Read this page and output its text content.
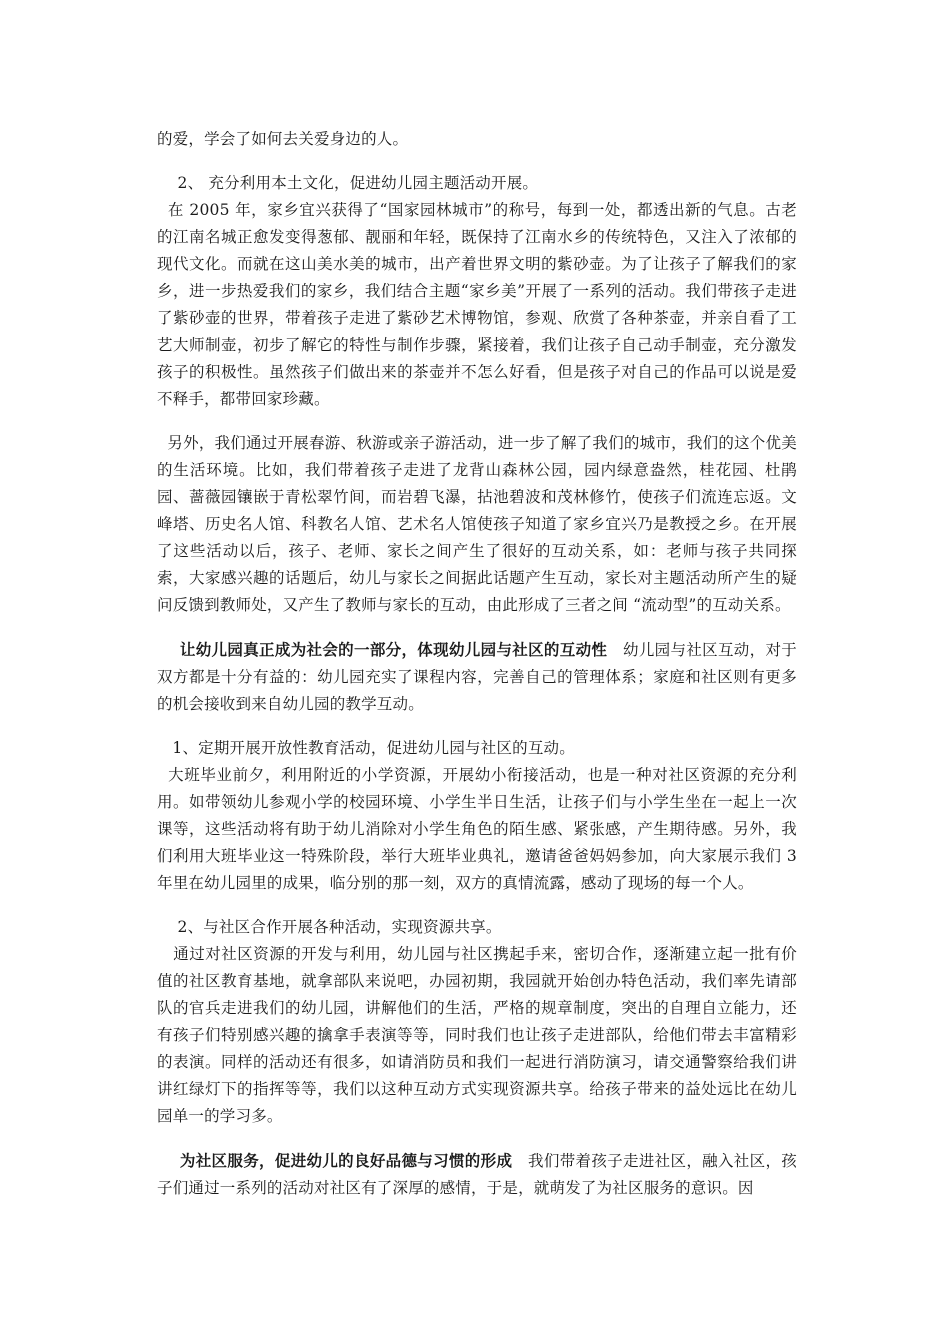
的爱，学会了如何去关爱身边的人。

2、 充分利用本土文化，促进幼儿园主题活动开展。

在 2005 年，家乡宜兴获得了“国家园林城市”的称号，每到一处，都透出新的气息。古老的江南名城正愈发变得葱郁、靓丽和年轻，既保持了江南水乡的传统特色，又注入了浓郁的现代文化。而就在这山美水美的城市，出产着世界文明的紫砂壶。为了让孩子了解我们的家乡，进一步热爱我们的家乡，我们结合主题“家乡美”开展了一系列的活动。我们带孩子走进了紫砂壶的世界，带着孩子走进了紫砂艺术博物馆，参观、欣赏了各种茶壶，并亲自看了工艺大师制壶，初步了解它的特性与制作步骤，紧接着，我们让孩子自己动手制壶，充分激发孩子的积极性。虽然孩子们做出来的茶壶并不怎么好看，但是孩子对自己的作品可以说是爱不释手，都带回家珍藏。

另外，我们通过开展春游、秋游或亲子游活动，进一步了解了我们的城市，我们的这个优美的生活环境。比如，我们带着孩子走进了龙背山森林公园，园内绿意盎然，桂花园、杜鹃园、蔷薇园镶嵌于青松翠竹间，而岩碧飞瀑，拈池碧波和茂林修竹，使孩子们流连忘返。文峰塔、历史名人馆、科教名人馆、艺术名人馆使孩子知道了家乡宜兴乃是教授之乡。在开展了这些活动以后，孩子、老师、家长之间产生了很好的互动关系，如：老师与孩子共同探索，大家感兴趣的话题后，幼儿与家长之间据此话题产生互动，家长对主题活动所产生的疑问反馈到教师处，又产生了教师与家长的互动，由此形成了三者之间 “流动型”的互动关系。

让幼儿园真正成为社会的一部分，体现幼儿园与社区的互动性   幼儿园与社区互动，对于双方都是十分有益的：幼儿园充实了课程内容，完善自己的管理体系；家庭和社区则有更多的机会接收到来自幼儿园的教学互动。

1、定期开展开放性教育活动，促进幼儿园与社区的互动。

大班毕业前夕，利用附近的小学资源，开展幼小衔接活动，也是一种对社区资源的充分利用。如带领幼儿参观小学的校园环境、小学生半日生活，让孩子们与小学生坐在一起上一次课等，这些活动将有助于幼儿消除对小学生角色的陌生感、紧张感，产生期待感。另外，我们利用大班毕业这一特殊阶段，举行大班毕业典礼，邀请爸爸妈妈参加，向大家展示我们 3 年里在幼儿园里的成果，临分别的那一刻，双方的真情流露，感动了现场的每一个人。

2、与社区合作开展各种活动，实现资源共享。

通过对社区资源的开发与利用，幼儿园与社区携起手来，密切合作，逐渐建立起一批有价值的社区教育基地，就拿部队来说吧，办园初期，我园就开始创办特色活动，我们率先请部队的官兵走进我们的幼儿园，讲解他们的生活，严格的规章制度，突出的自理自立能力，还有孩子们特别感兴趣的擒拿手表演等等，同时我们也让孩子走进部队，给他们带去丰富精彩的表演。同样的活动还有很多，如请消防员和我们一起进行消防演习，请交通警察给我们讲讲红绿灯下的指挥等等，我们以这种互动方式实现资源共享。给孩子带来的益处远比在幼儿园单一的学习多。

为社区服务，促进幼儿的良好品德与习惯的形成   我们带着孩子走进社区，融入社区，孩子们通过一系列的活动对社区有了深厚的感情，于是，就萌发了为社区服务的意识。因
